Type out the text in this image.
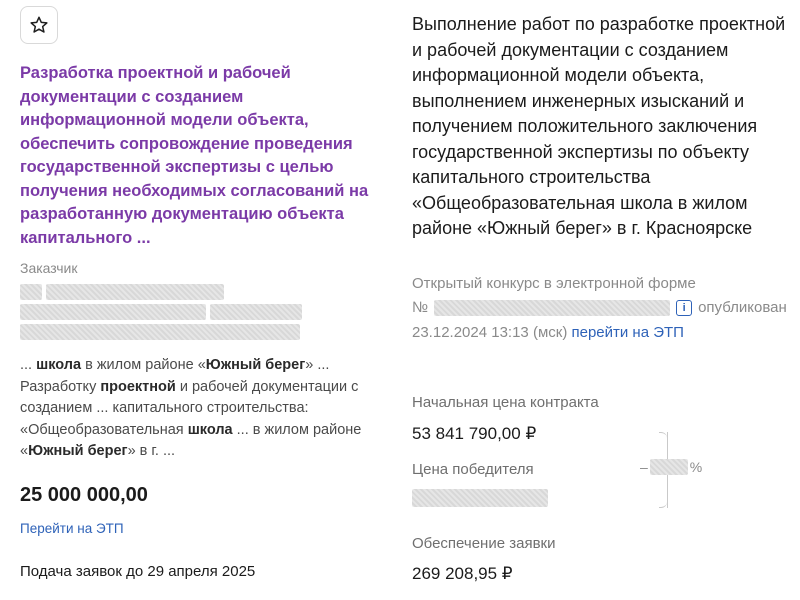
Разработка проектной и рабочей документации с созданием информационной модели объекта, обеспечить сопровождение проведения государственной экспертизы с целью получения необходимых согласований на разработанную документацию объекта капитального ...
Заказчик
... школа в жилом районе «Южный берег» ... Разработку проектной и рабочей документации с созданием ... капитального строительства: «Общеобразовательная школа ... в жилом районе «Южный берег» в г. ...
25 000 000,00
Перейти на ЭТП
Подача заявок до 29 апреля 2025
Выполнение работ по разработке проектной и рабочей документации с созданием информационной модели объекта, выполнением инженерных изысканий и получением положительного заключения государственной экспертизы по объекту капитального строительства «Общеобразовательная школа в жилом районе «Южный берег» в г. Красноярске
Открытый конкурс в электронной форме
№	i опубликован
23.12.2024 13:13 (мск) перейти на ЭТП
Начальная цена контракта
53 841 790,00 ₽
Цена победителя	–	%
Обеспечение заявки
269 208,95 ₽
